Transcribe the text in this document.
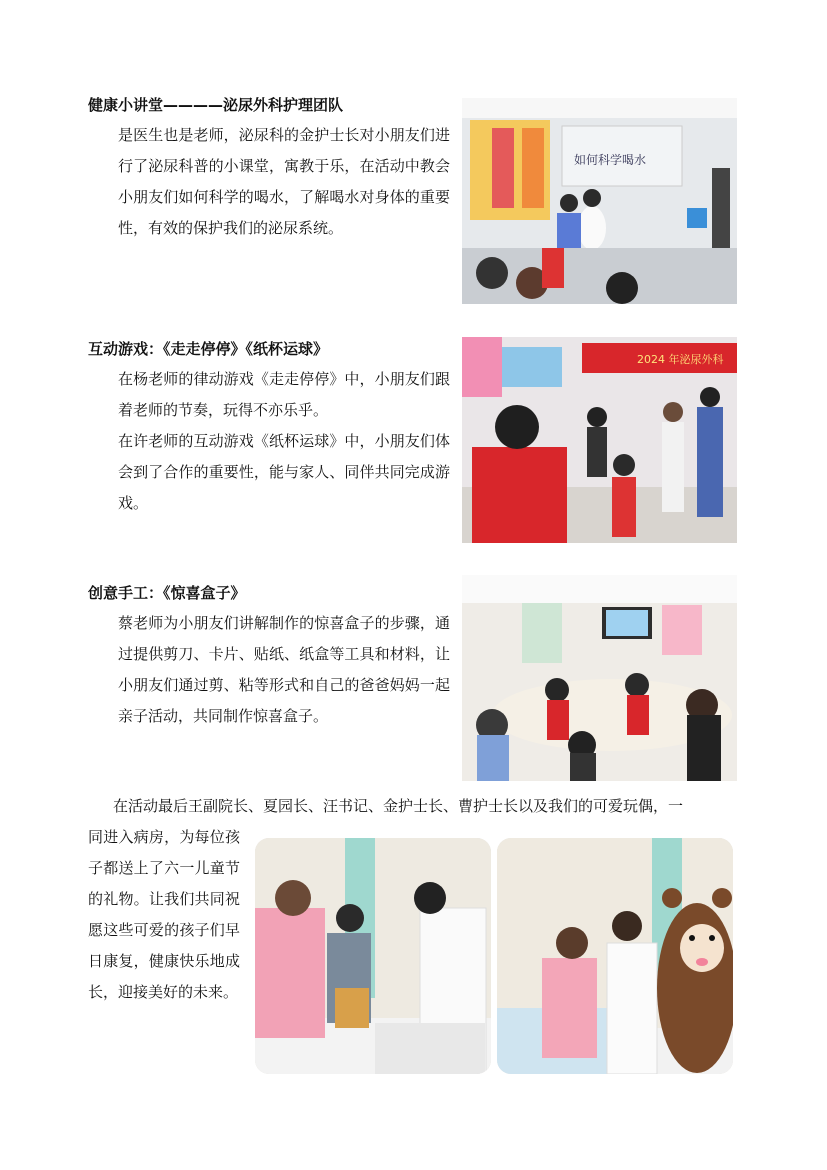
健康小讲堂————泌尿外科护理团队
是医生也是老师，泌尿科的金护士长对小朋友们进行了泌尿科普的小课堂，寓教于乐，在活动中教会小朋友们如何科学的喝水，了解喝水对身体的重要性，有效的保护我们的泌尿系统。
如何科学喝水
互动游戏：《走走停停》《纸杯运球》
在杨老师的律动游戏《走走停停》中，小朋友们跟着老师的节奏，玩得不亦乐乎。
在许老师的互动游戏《纸杯运球》中，小朋友们体会到了合作的重要性，能与家人、同伴共同完成游戏。
2024 年泌尿外科
创意手工：《惊喜盒子》
蔡老师为小朋友们讲解制作的惊喜盒子的步骤，通过提供剪刀、卡片、贴纸、纸盒等工具和材料，让小朋友们通过剪、粘等形式和自己的爸爸妈妈一起亲子活动，共同制作惊喜盒子。
在活动最后王副院长、夏园长、汪书记、金护士长、曹护士长以及我们的可爱玩偶，一
同进入病房，为每位孩子都送上了六一儿童节的礼物。让我们共同祝愿这些可爱的孩子们早日康复，健康快乐地成长，迎接美好的未来。
